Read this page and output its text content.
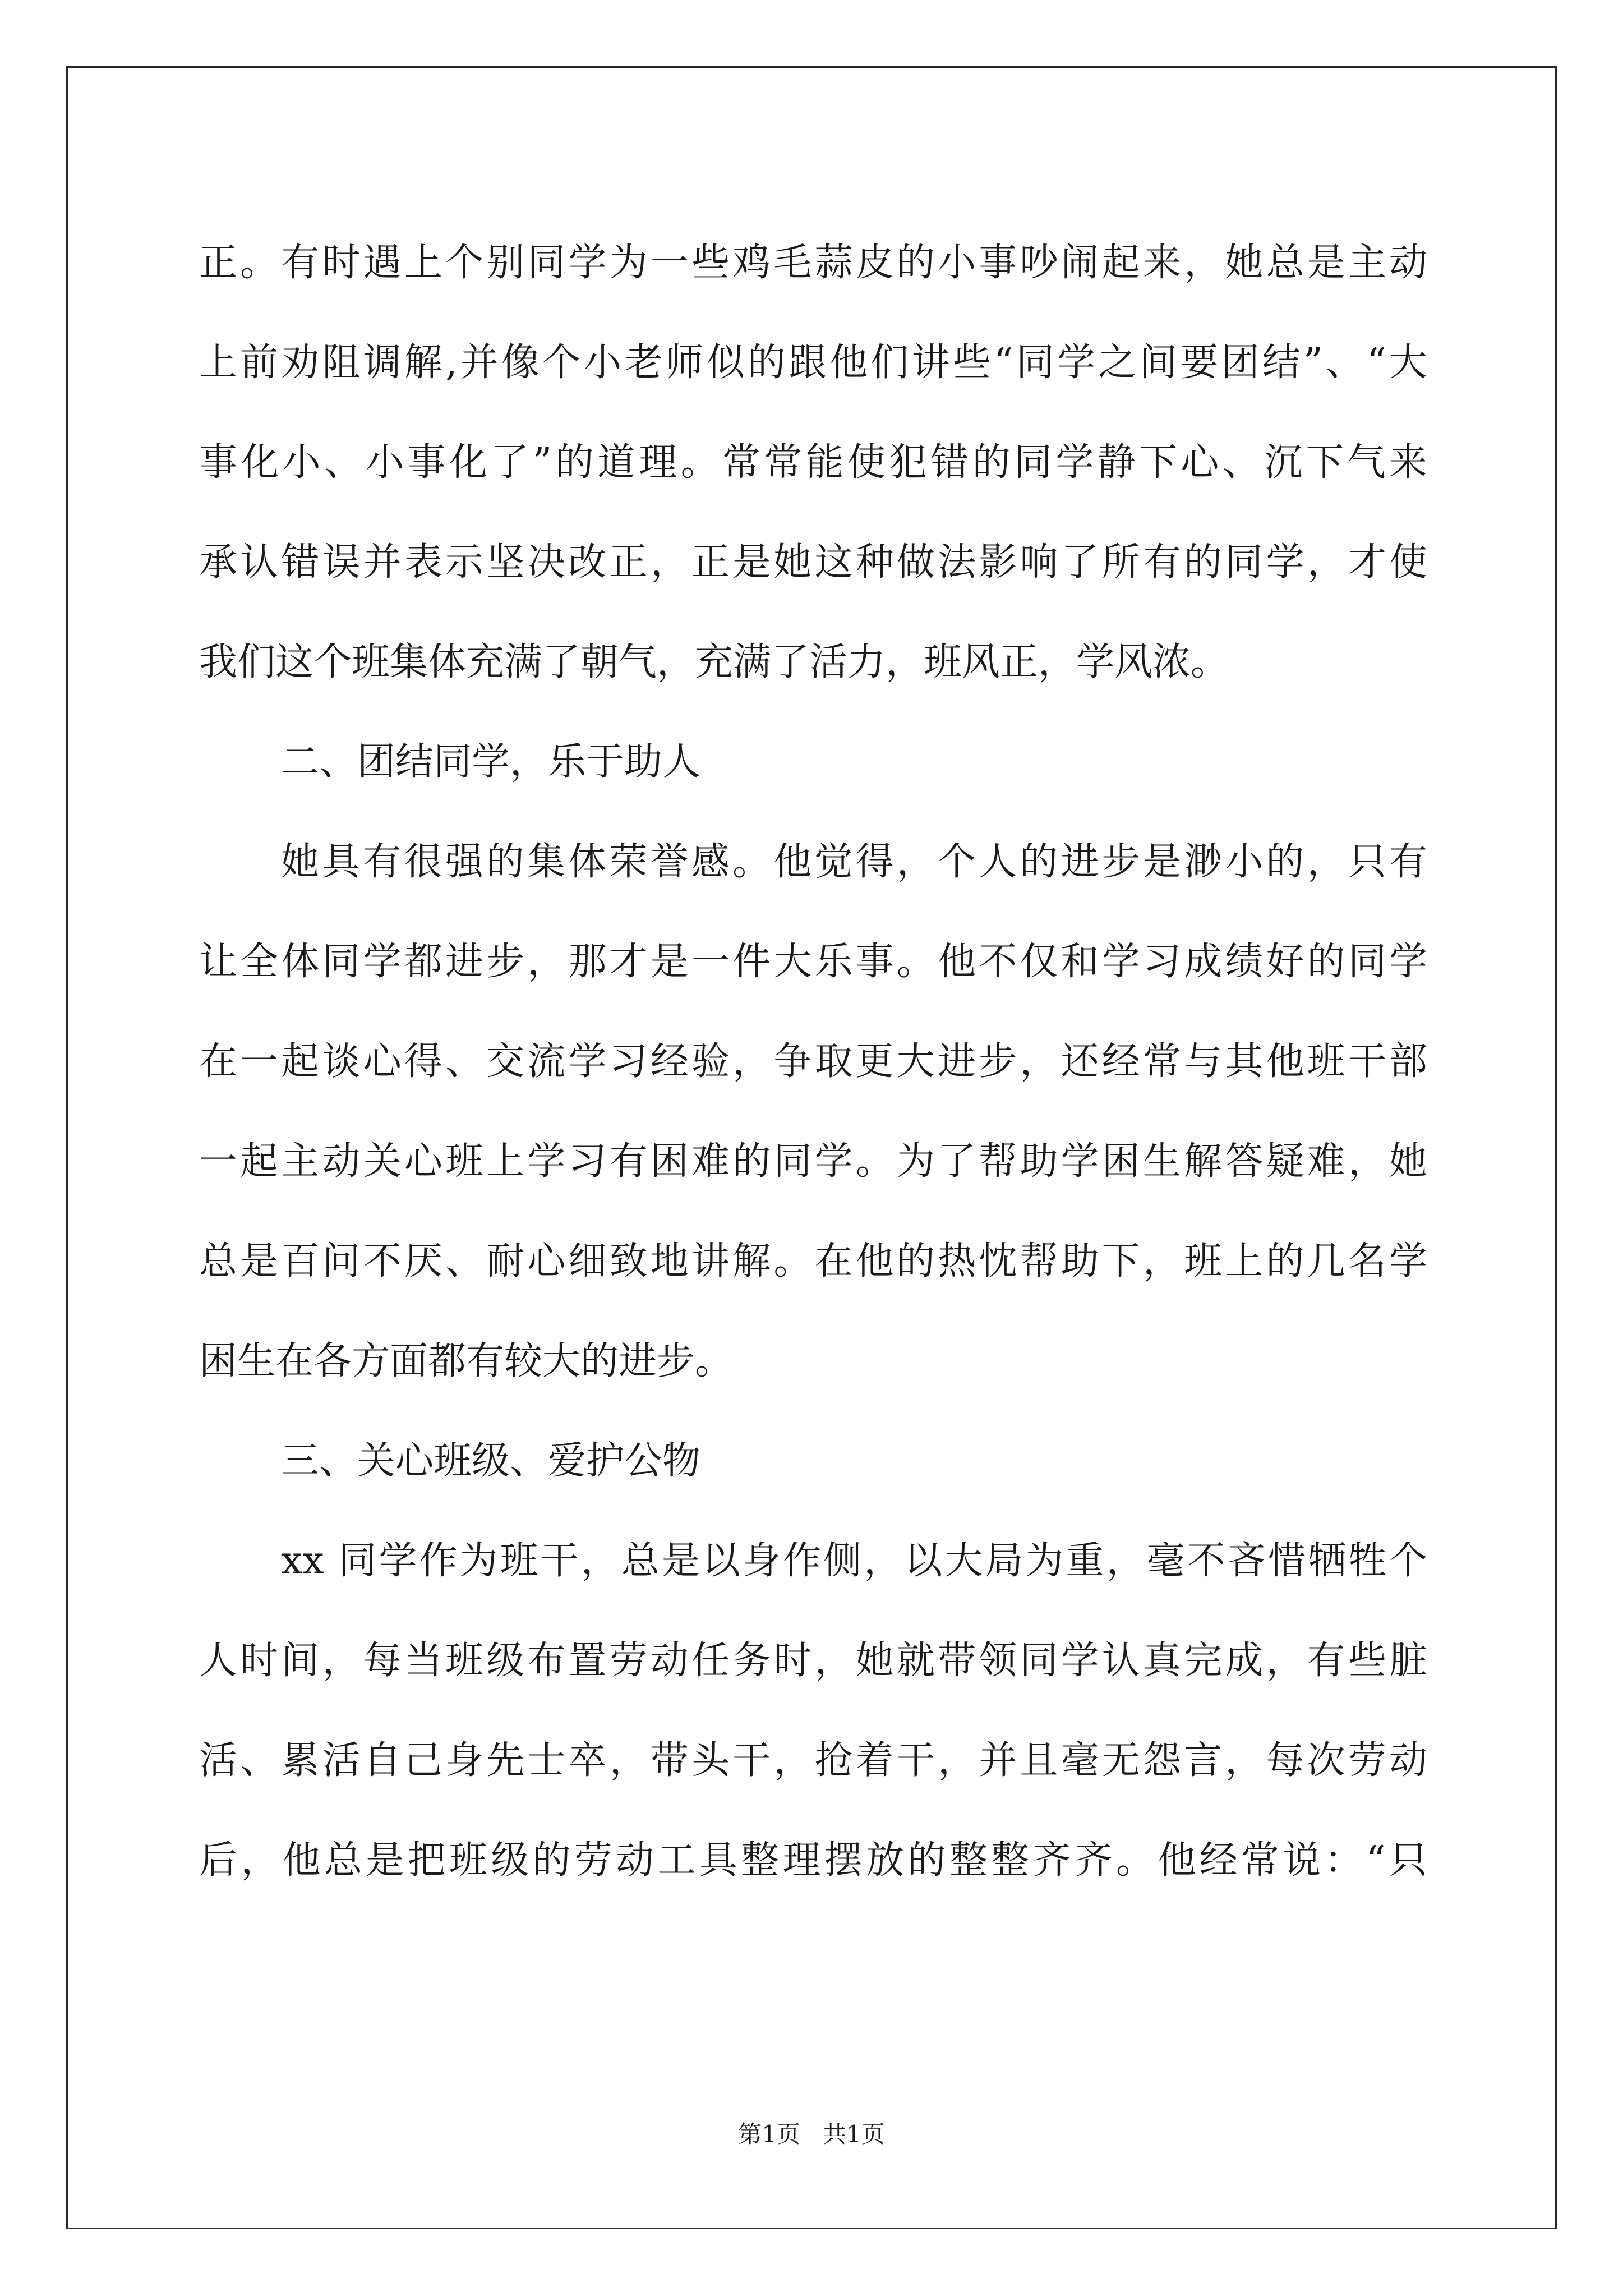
正。有时遇上个别同学为一些鸡毛蒜皮的小事吵闹起来，她总是主动
上前劝阻调解,并像个小老师似的跟他们讲些“同学之间要团结”、“大
事化小、小事化了”的道理。常常能使犯错的同学静下心、沉下气来
承认错误并表示坚决改正，正是她这种做法影响了所有的同学，才使
我们这个班集体充满了朝气，充满了活力，班风正，学风浓。
二、团结同学，乐于助人
她具有很强的集体荣誉感。他觉得，个人的进步是渺小的，只有
让全体同学都进步，那才是一件大乐事。他不仅和学习成绩好的同学
在一起谈心得、交流学习经验，争取更大进步，还经常与其他班干部
一起主动关心班上学习有困难的同学。为了帮助学困生解答疑难，她
总是百问不厌、耐心细致地讲解。在他的热忱帮助下，班上的几名学
困生在各方面都有较大的进步。
三、关心班级、爱护公物
xx 同学作为班干，总是以身作侧，以大局为重，毫不吝惜牺牲个
人时间，每当班级布置劳动任务时，她就带领同学认真完成，有些脏
活、累活自己身先士卒，带头干，抢着干，并且毫无怨言，每次劳动
后，他总是把班级的劳动工具整理摆放的整整齐齐。他经常说：“只
第1页 共1页
